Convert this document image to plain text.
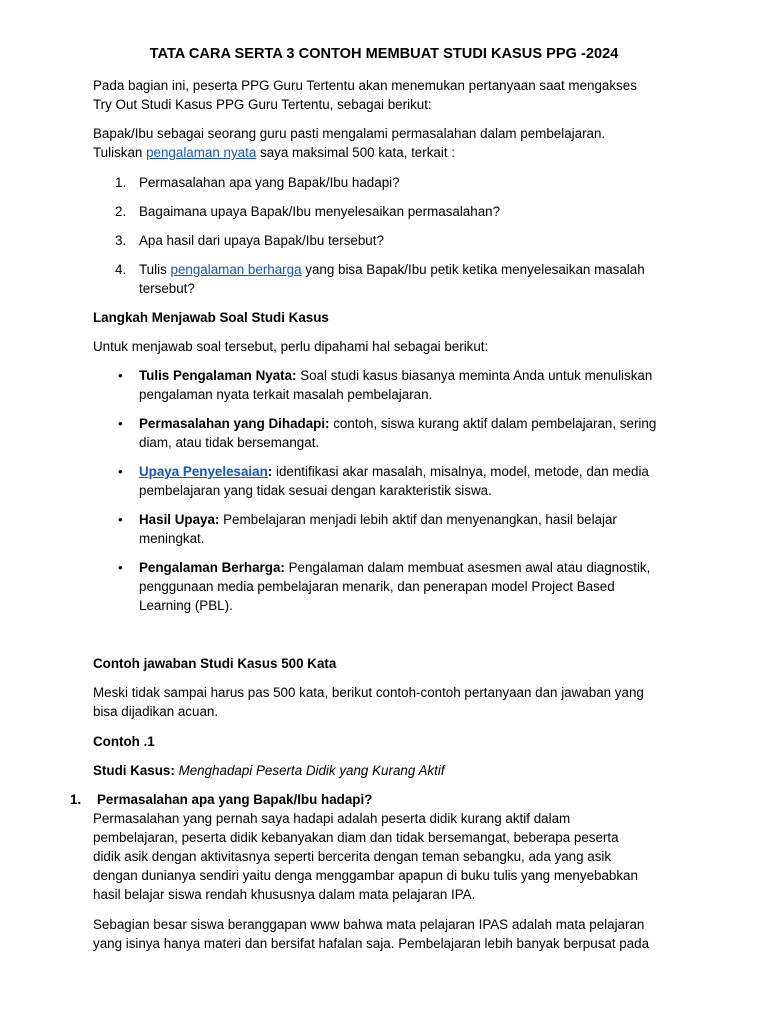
TATA CARA SERTA 3 CONTOH MEMBUAT STUDI KASUS PPG -2024

Pada bagian ini, peserta PPG Guru Tertentu akan menemukan pertanyaan saat mengakses

Try Out Studi Kasus PPG Guru Tertentu, sebagai berikut:

Bapak/Ibu sebagai seorang guru pasti mengalami permasalahan dalam pembelajaran.

Tuliskan pengalaman nyata saya maksimal 500 kata, terkait :

1. Permasalahan apa yang Bapak/Ibu hadapi?

2. Bagaimana upaya Bapak/Ibu menyelesaikan permasalahan?

3. Apa hasil dari upaya Bapak/Ibu tersebut?

4. Tulis pengalaman berharga yang bisa Bapak/Ibu petik ketika menyelesaikan masalah

tersebut?

Langkah Menjawab Soal Studi Kasus

Untuk menjawab soal tersebut, perlu dipahami hal sebagai berikut:

• Tulis Pengalaman Nyata: Soal studi kasus biasanya meminta Anda untuk menuliskan

pengalaman nyata terkait masalah pembelajaran.

• Permasalahan yang Dihadapi: contoh, siswa kurang aktif dalam pembelajaran, sering

diam, atau tidak bersemangat.

• Upaya Penyelesaian: identifikasi akar masalah, misalnya, model, metode, dan media

pembelajaran yang tidak sesuai dengan karakteristik siswa.

• Hasil Upaya: Pembelajaran menjadi lebih aktif dan menyenangkan, hasil belajar

meningkat.

• Pengalaman Berharga: Pengalaman dalam membuat asesmen awal atau diagnostik,

penggunaan media pembelajaran menarik, dan penerapan model Project Based

Learning (PBL).

Contoh jawaban Studi Kasus 500 Kata

Meski tidak sampai harus pas 500 kata, berikut contoh-contoh pertanyaan dan jawaban yang

bisa dijadikan acuan.

Contoh .1

Studi Kasus: Menghadapi Peserta Didik yang Kurang Aktif

1. Permasalahan apa yang Bapak/Ibu hadapi?

Permasalahan yang pernah saya hadapi adalah peserta didik kurang aktif dalam

pembelajaran, peserta didik kebanyakan diam dan tidak bersemangat, beberapa peserta

didik asik dengan aktivitasnya seperti bercerita dengan teman sebangku, ada yang asik

dengan dunianya sendiri yaitu denga menggambar apapun di buku tulis yang menyebabkan

hasil belajar siswa rendah khususnya dalam mata pelajaran IPA.

Sebagian besar siswa beranggapan www bahwa mata pelajaran IPAS adalah mata pelajaran

yang isinya hanya materi dan bersifat hafalan saja. Pembelajaran lebih banyak berpusat pada
